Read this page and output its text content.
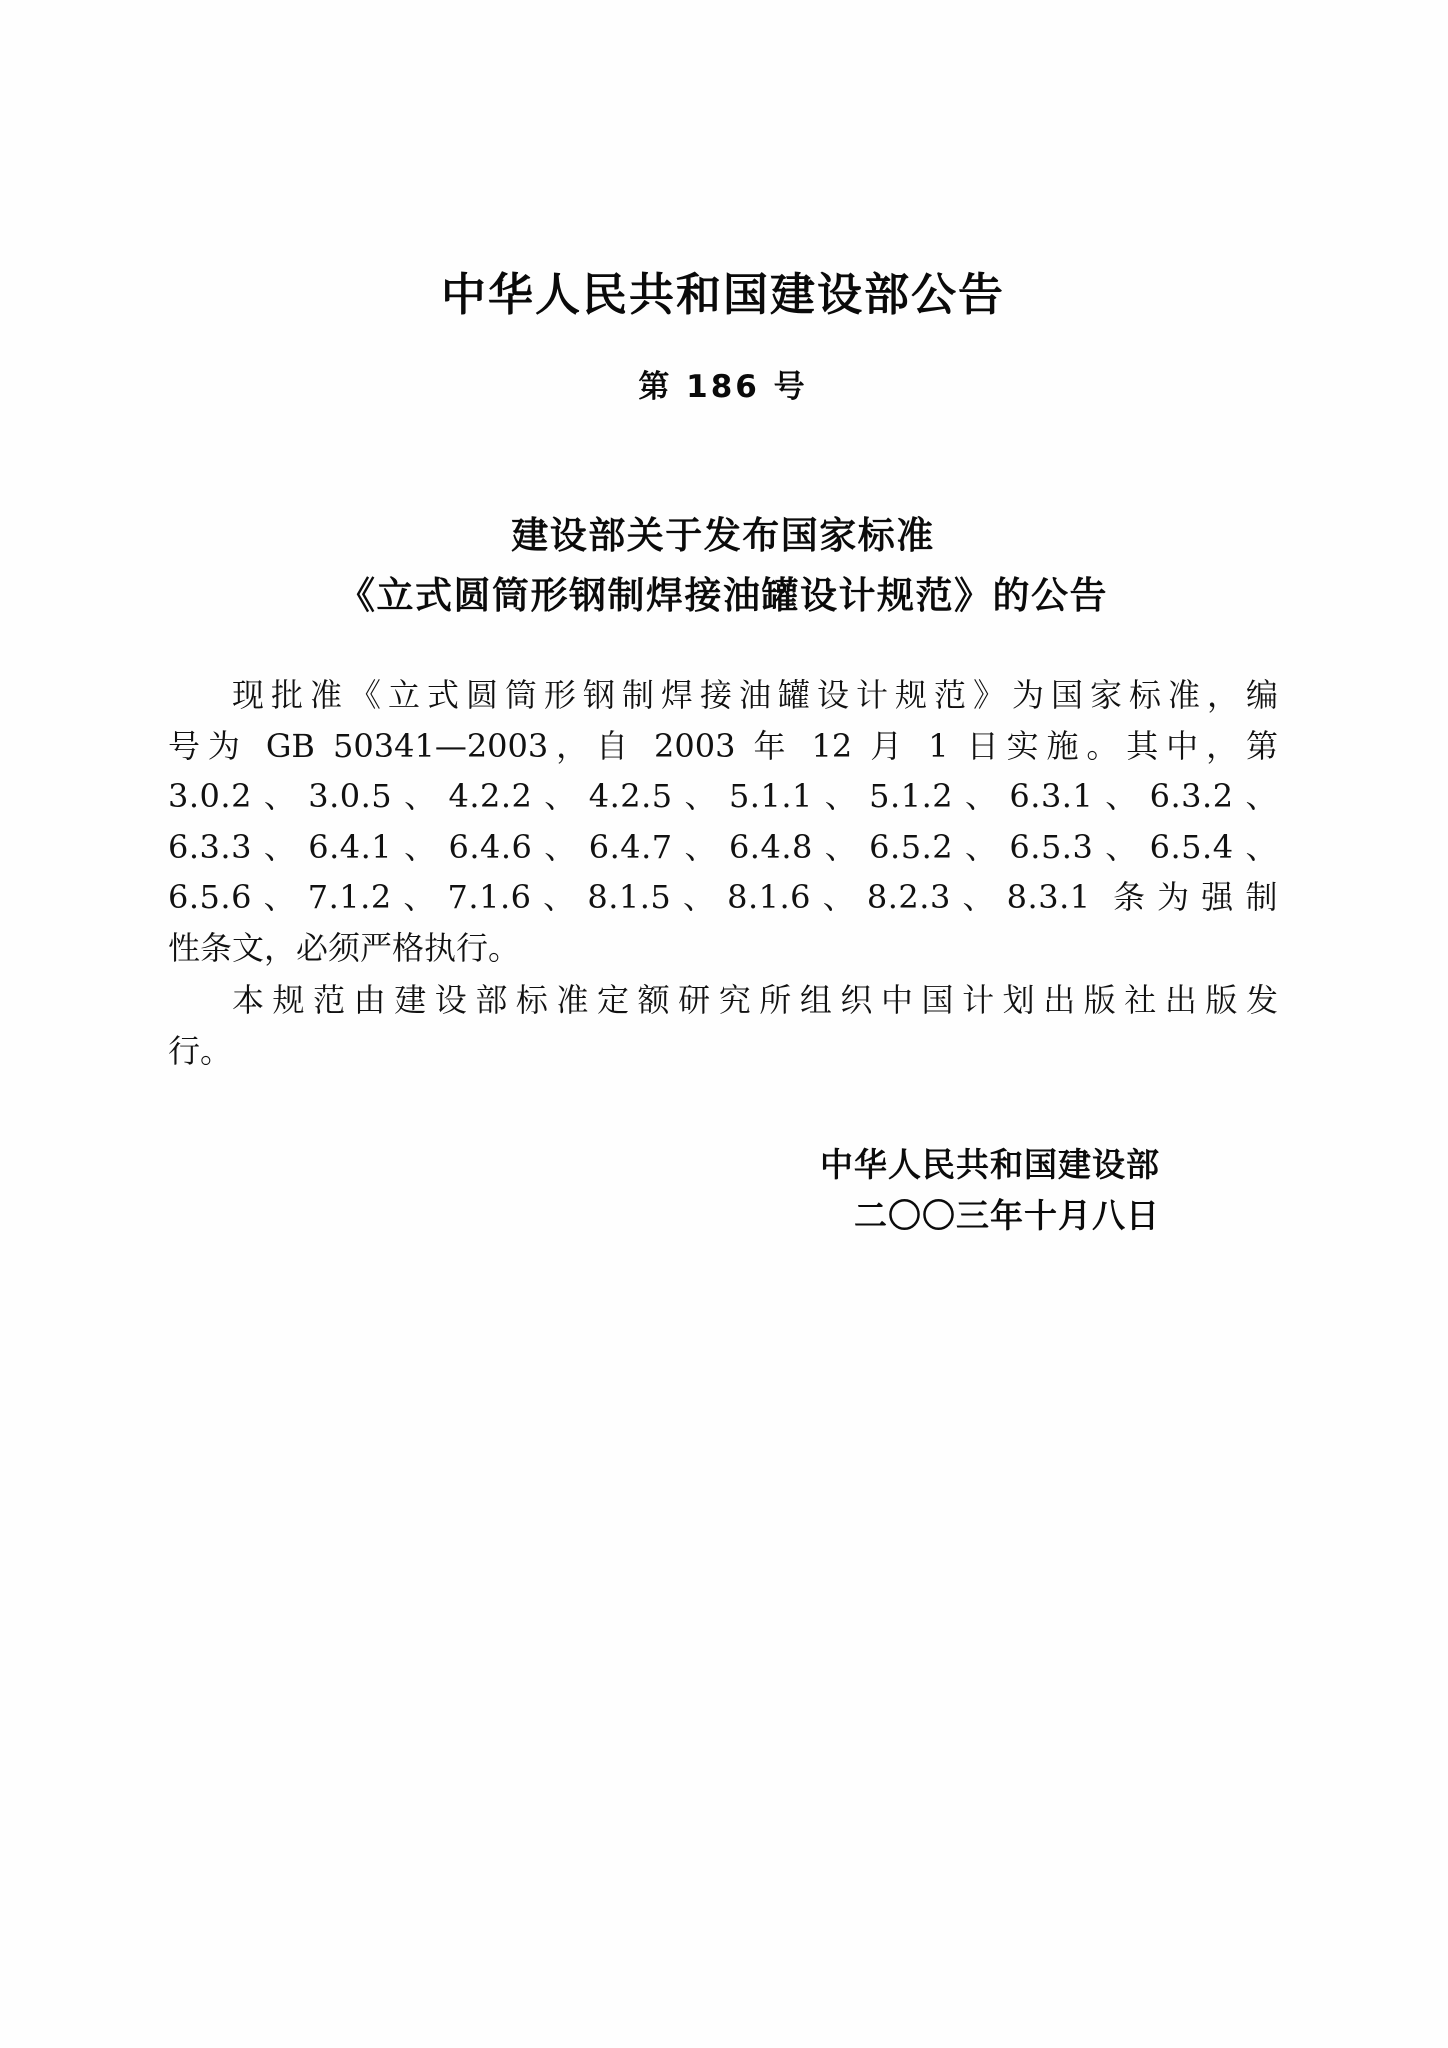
中华人民共和国建设部公告
第 186 号
建设部关于发布国家标准
《立式圆筒形钢制焊接油罐设计规范》的公告

现批准《立式圆筒形钢制焊接油罐设计规范》为国家标准，编
号为 GB 50341—2003，自 2003 年 12 月 1 日实施。其中，第
3.0.2、3.0.5、4.2.2、4.2.5、5.1.1、5.1.2、6.3.1、6.3.2、
6.3.3、6.4.1、6.4.6、6.4.7、6.4.8、6.5.2、6.5.3、6.5.4、
6.5.6、7.1.2、7.1.6、8.1.5、8.1.6、8.2.3、8.3.1 条为强制
性条文，必须严格执行。

本规范由建设部标准定额研究所组织中国计划出版社出版发
行。

中华人民共和国建设部
二〇〇三年十月八日
